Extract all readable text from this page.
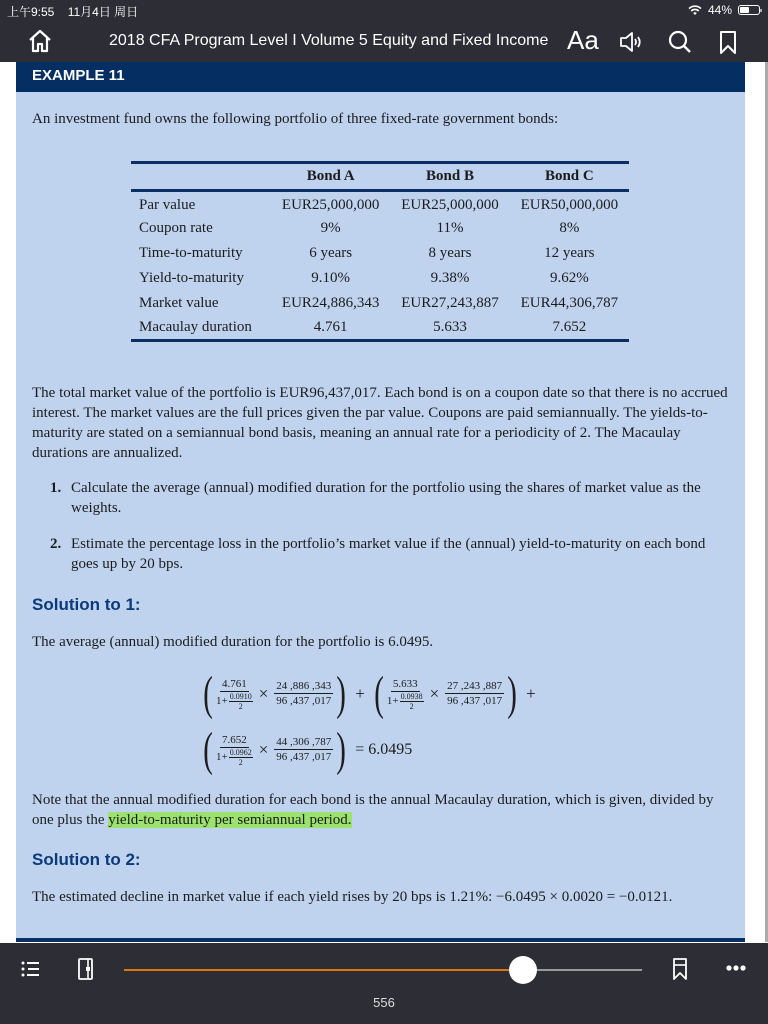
上午9:55 11月4日 周日	44%
2018 CFA Program Level I Volume 5 Equity and Fixed Income Aa
EXAMPLE 11
An investment fund owns the following portfolio of three fixed-rate government bonds:
	Bond A	Bond B	Bond C
Par value	EUR25,000,000	EUR25,000,000	EUR50,000,000
Coupon rate	9%	11%	8%
Time-to-maturity	6 years	8 years	12 years
Yield-to-maturity	9.10%	9.38%	9.62%
Market value	EUR24,886,343	EUR27,243,887	EUR44,306,787
Macaulay duration	4.761	5.633	7.652
The total market value of the portfolio is EUR96,437,017. Each bond is on a coupon date so that there is no accrued interest. The market values are the full prices given the par value. Coupons are paid semiannually. The yields-to-maturity are stated on a semiannual bond basis, meaning an annual rate for a periodicity of 2. The Macaulay durations are annualized.
1. Calculate the average (annual) modified duration for the portfolio using the shares of market value as the weights.
2. Estimate the percentage loss in the portfolio’s market value if the (annual) yield-to-maturity on each bond goes up by 20 bps.
Solution to 1:
The average (annual) modified duration for the portfolio is 6.0495.
( $\frac{4.761}{1+ \frac{0.0910}{2}} \times \frac{24 ,886 ,343}{96 ,437 ,017}$ ) + ( $\frac{5.633}{1+ \frac{0.0938}{2}} \times \frac{27 ,243 ,887}{96 ,437 ,017}$ ) +
( $\frac{7.652}{1+ \frac{0.0962}{2}} \times \frac{44 ,306 ,787}{96 ,437 ,017}$ ) = 6.0495
Note that the annual modified duration for each bond is the annual Macaulay duration, which is given, divided by one plus the yield-to-maturity per semiannual period.
Solution to 2:
The estimated decline in market value if each yield rises by 20 bps is 1.21%: −6.0495 × 0.0020 = −0.0121.
556
